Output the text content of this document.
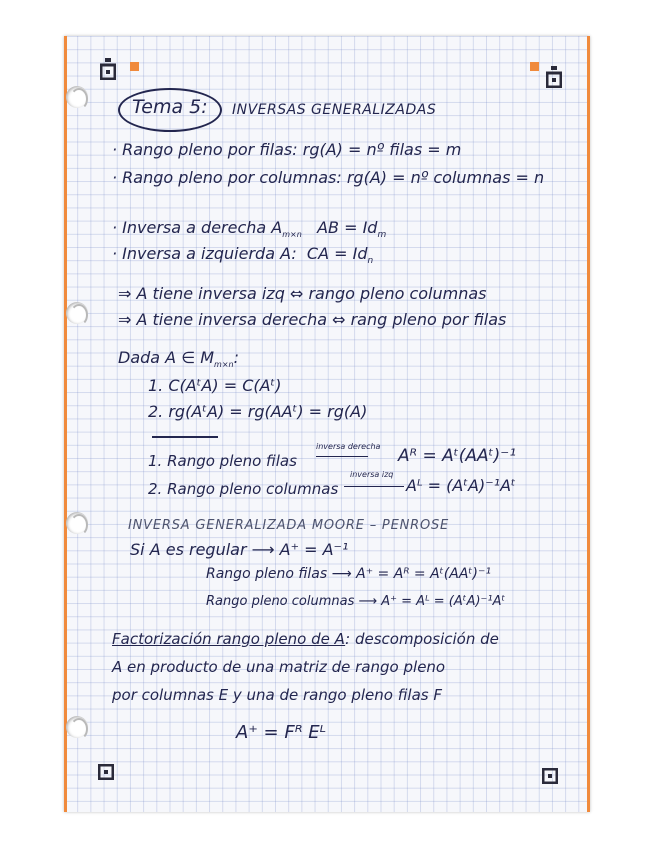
Tema 5: INVERSAS GENERALIZADAS
· Rango pleno por filas: rg(A) = nº filas = m
· Rango pleno por columnas: rg(A) = nº columnas = n
· Inversa a derecha $A_{m\times n}$ AB = $Id_m$
· Inversa a izquierda A: CA = $Id_n$
⇒ A tiene inversa izq ⇔ rango pleno columnas
⇒ A tiene inversa derecha ⇔ rang pleno por filas
Dada A ∈ $M_{m\times n}$:
1. C(AᵗA) = C(Aᵗ)
2. rg(AᵗA) = rg(AAᵗ) = rg(A)
1. Rango pleno filas
inversa derecha Aᴿ = Aᵗ(AAᵗ)⁻¹
2. Rango pleno columnas
inversa izq
Aᴸ = (AᵗA)⁻¹Aᵗ
INVERSA GENERALIZADA MOORE – PENROSE
Si A es regular ⟶ A⁺ = A⁻¹
Rango pleno filas ⟶ A⁺ = Aᴿ = Aᵗ(AAᵗ)⁻¹
Rango pleno columnas ⟶ A⁺ = Aᴸ = (AᵗA)⁻¹Aᵗ
Factorización rango pleno de A: descomposición de
A en producto de una matriz de rango pleno
por columnas E y una de rango pleno filas F
A⁺ = Fᴿ Eᴸ
